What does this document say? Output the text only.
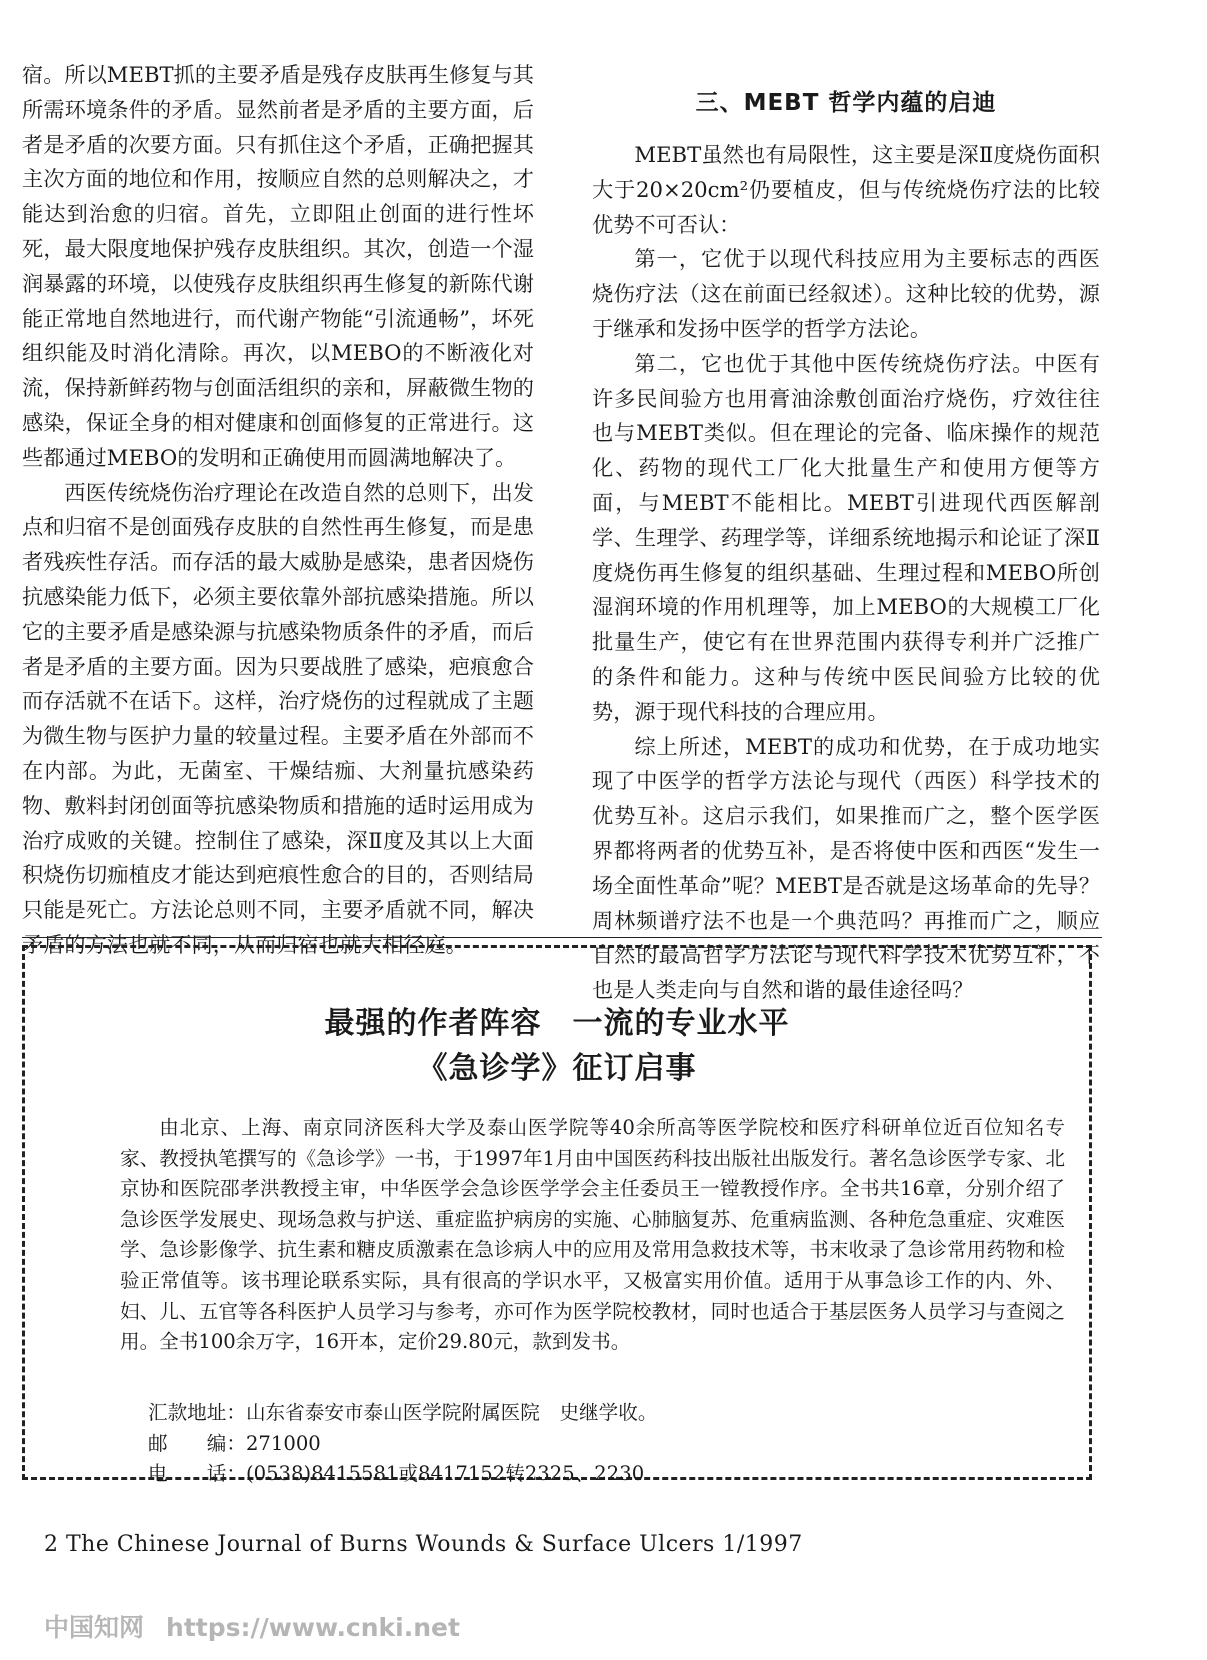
宿。所以MEBT抓的主要矛盾是残存皮肤再生修复与其所需环境条件的矛盾。显然前者是矛盾的主要方面，后者是矛盾的次要方面。只有抓住这个矛盾，正确把握其主次方面的地位和作用，按顺应自然的总则解决之，才能达到治愈的归宿。首先，立即阻止创面的进行性坏死，最大限度地保护残存皮肤组织。其次，创造一个湿润暴露的环境，以使残存皮肤组织再生修复的新陈代谢能正常地自然地进行，而代谢产物能“引流通畅”，坏死组织能及时消化清除。再次，以MEBO的不断液化对流，保持新鲜药物与创面活组织的亲和，屏蔽微生物的感染，保证全身的相对健康和创面修复的正常进行。这些都通过MEBO的发明和正确使用而圆满地解决了。

西医传统烧伤治疗理论在改造自然的总则下，出发点和归宿不是创面残存皮肤的自然性再生修复，而是患者残疾性存活。而存活的最大威胁是感染，患者因烧伤抗感染能力低下，必须主要依靠外部抗感染措施。所以它的主要矛盾是感染源与抗感染物质条件的矛盾，而后者是矛盾的主要方面。因为只要战胜了感染，疤痕愈合而存活就不在话下。这样，治疗烧伤的过程就成了主题为微生物与医护力量的较量过程。主要矛盾在外部而不在内部。为此，无菌室、干燥结痂、大剂量抗感染药物、敷料封闭创面等抗感染物质和措施的适时运用成为治疗成败的关键。控制住了感染，深Ⅱ度及其以上大面积烧伤切痂植皮才能达到疤痕性愈合的目的，否则结局只能是死亡。方法论总则不同，主要矛盾就不同，解决矛盾的方法也就不同，从而归宿也就大相径庭。

三、MEBT 哲学内蕴的启迪

MEBT虽然也有局限性，这主要是深Ⅱ度烧伤面积大于20×20cm²仍要植皮，但与传统烧伤疗法的比较优势不可否认：

第一，它优于以现代科技应用为主要标志的西医烧伤疗法（这在前面已经叙述）。这种比较的优势，源于继承和发扬中医学的哲学方法论。

第二，它也优于其他中医传统烧伤疗法。中医有许多民间验方也用膏油涂敷创面治疗烧伤，疗效往往也与MEBT类似。但在理论的完备、临床操作的规范化、药物的现代工厂化大批量生产和使用方便等方面，与MEBT不能相比。MEBT引进现代西医解剖学、生理学、药理学等，详细系统地揭示和论证了深Ⅱ度烧伤再生修复的组织基础、生理过程和MEBO所创湿润环境的作用机理等，加上MEBO的大规模工厂化批量生产，使它有在世界范围内获得专利并广泛推广的条件和能力。这种与传统中医民间验方比较的优势，源于现代科技的合理应用。

综上所述，MEBT的成功和优势，在于成功地实现了中医学的哲学方法论与现代（西医）科学技术的优势互补。这启示我们，如果推而广之，整个医学医界都将两者的优势互补，是否将使中医和西医“发生一场全面性革命”呢？MEBT是否就是这场革命的先导？周林频谱疗法不也是一个典范吗？再推而广之，顺应自然的最高哲学方法论与现代科学技术优势互补，不也是人类走向与自然和谐的最佳途径吗？

最强的作者阵容　一流的专业水平
《急诊学》征订启事

由北京、上海、南京同济医科大学及泰山医学院等40余所高等医学院校和医疗科研单位近百位知名专家、教授执笔撰写的《急诊学》一书，于1997年1月由中国医药科技出版社出版发行。著名急诊医学专家、北京协和医院邵孝洪教授主审，中华医学会急诊医学学会主任委员王一镗教授作序。全书共16章，分别介绍了急诊医学发展史、现场急救与护送、重症监护病房的实施、心肺脑复苏、危重病监测、各种危急重症、灾难医学、急诊影像学、抗生素和糖皮质激素在急诊病人中的应用及常用急救技术等，书末收录了急诊常用药物和检验正常值等。该书理论联系实际，具有很高的学识水平，又极富实用价值。适用于从事急诊工作的内、外、妇、儿、五官等各科医护人员学习与参考，亦可作为医学院校教材，同时也适合于基层医务人员学习与查阅之用。全书100余万字，16开本，定价29.80元，款到发书。

汇款地址：山东省泰安市泰山医学院附属医院　史继学收。
邮　　编：271000
电　　话：(0538)8415581或8417152转2325、2230
2 The Chinese Journal of Burns Wounds & Surface Ulcers 1/1997
中国知网 https://www.cnki.net
